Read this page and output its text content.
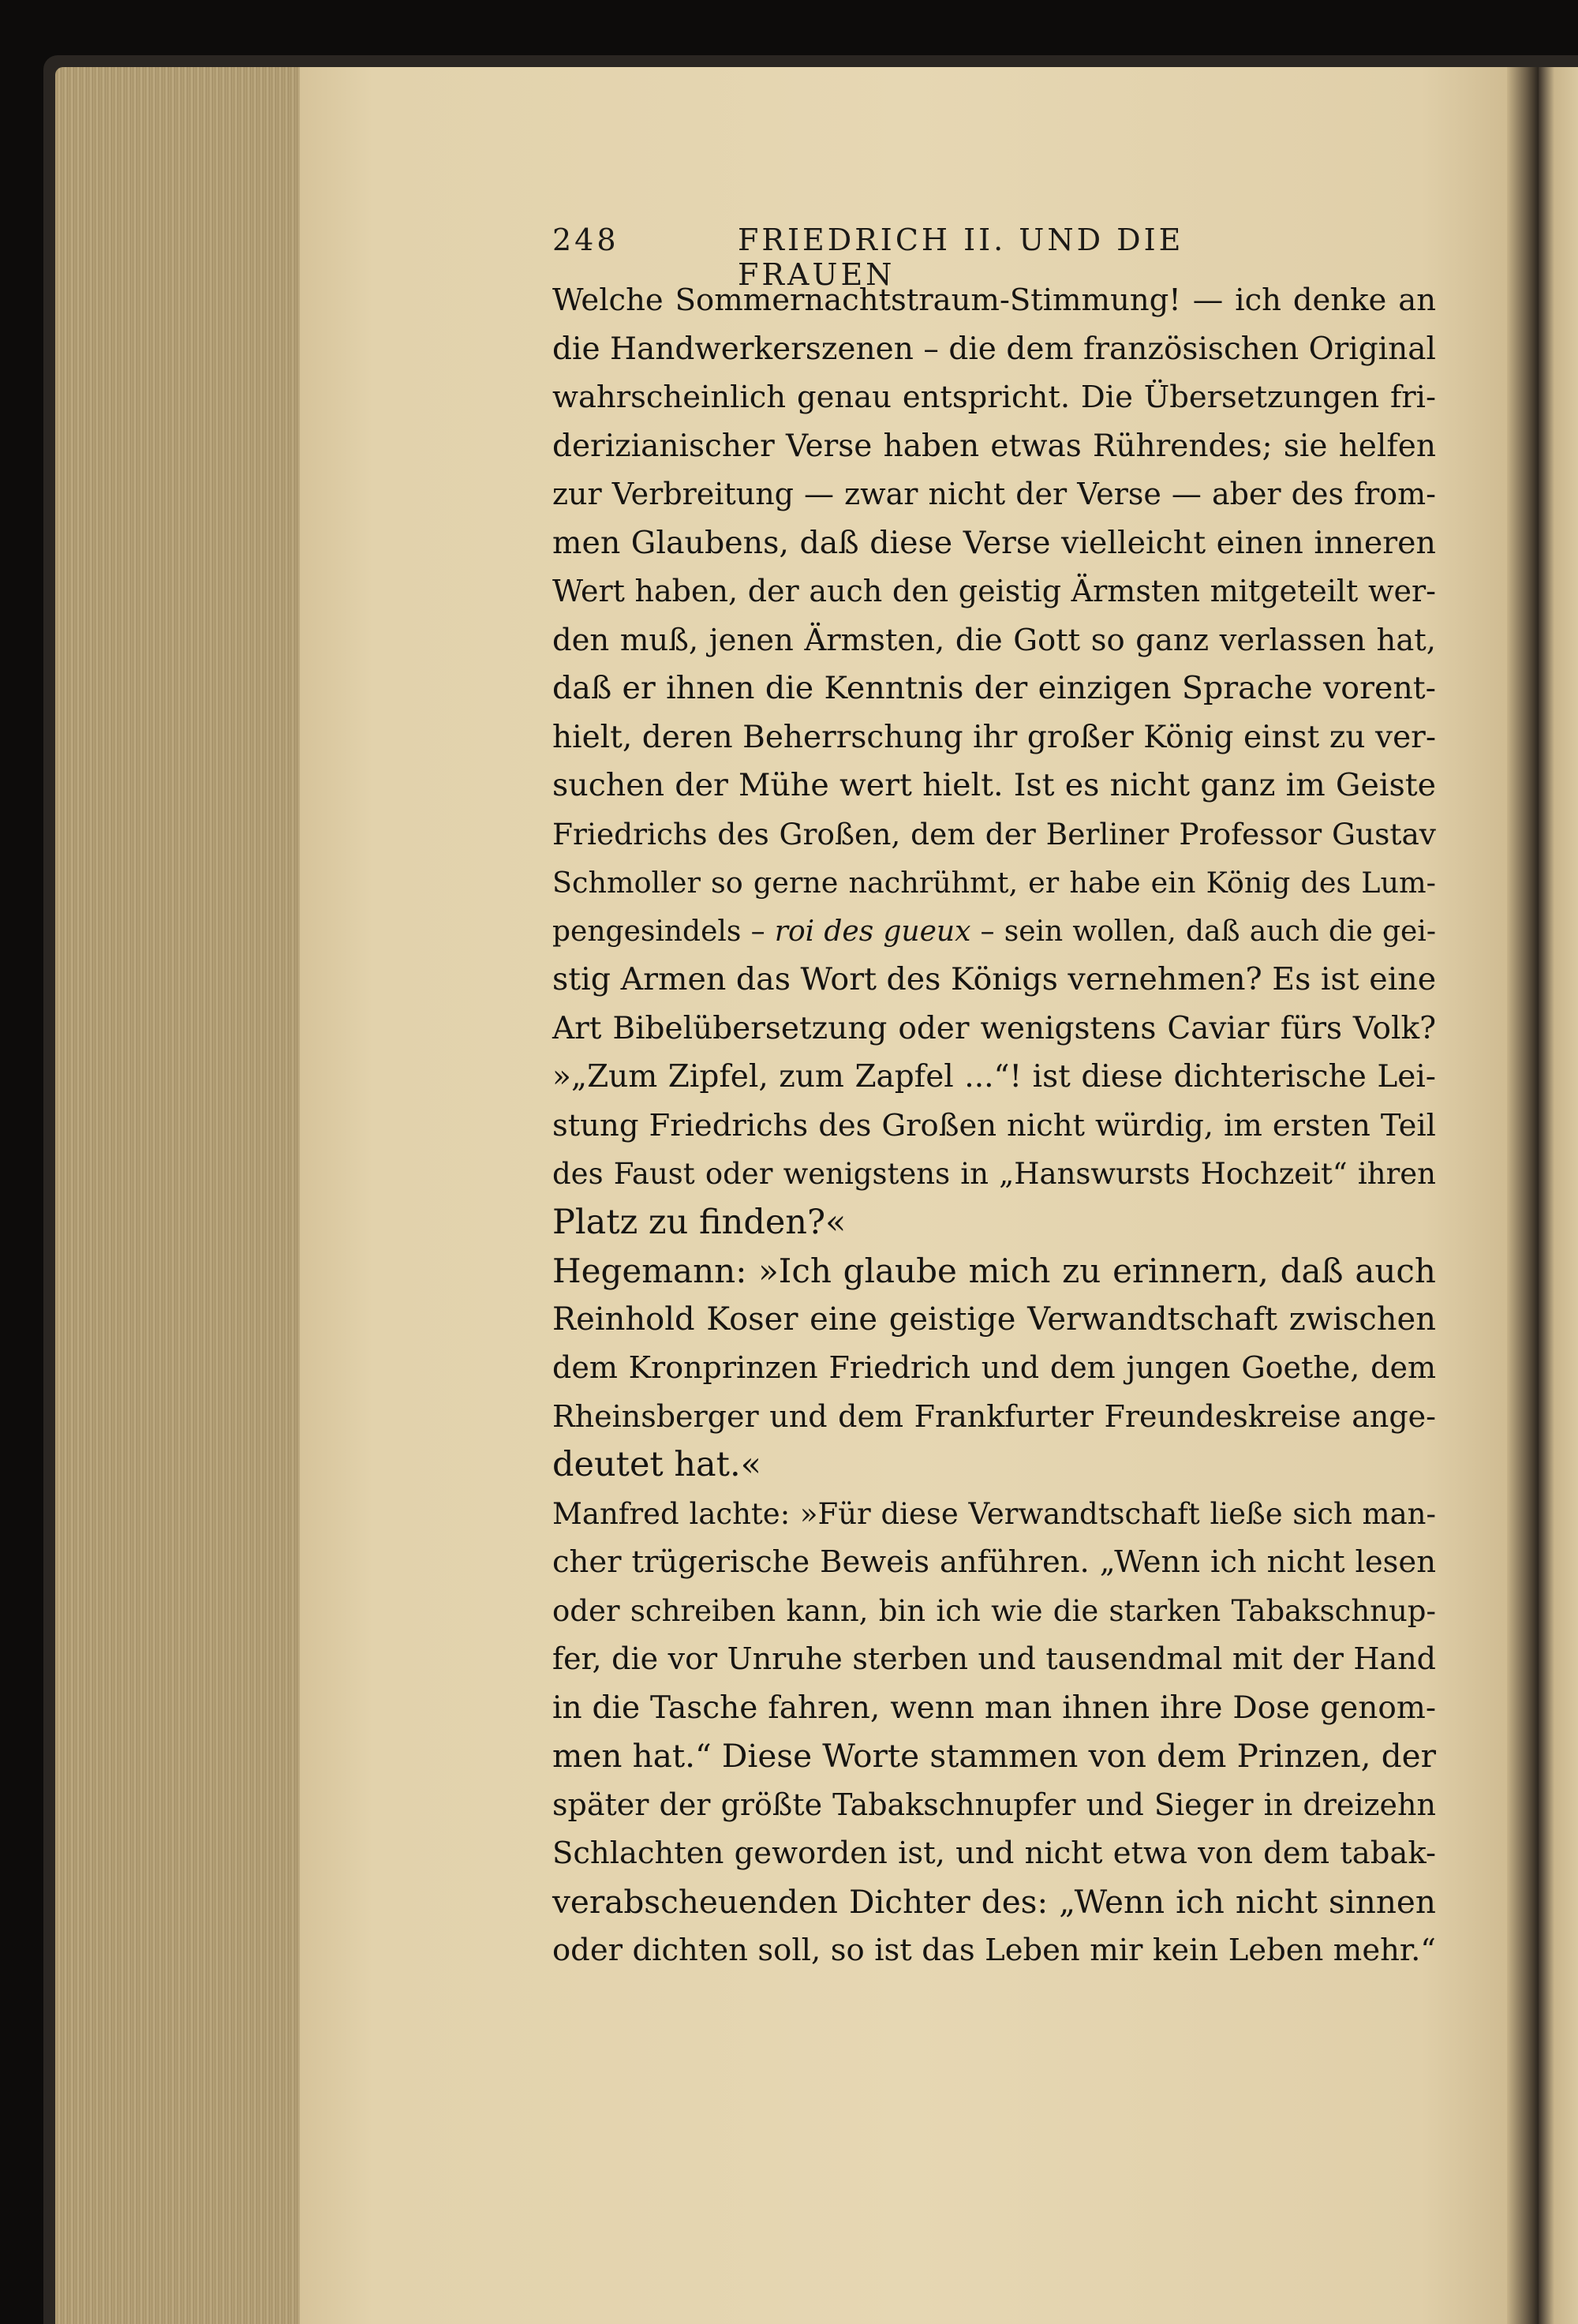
248	FRIEDRICH II. UND DIE FRAUEN
Welche Sommernachtstraum-Stimmung! — ich denke an
die Handwerkerszenen – die dem französischen Original
wahrscheinlich genau entspricht. Die Übersetzungen fri-
derizianischer Verse haben etwas Rührendes; sie helfen
zur Verbreitung — zwar nicht der Verse — aber des from-
men Glaubens, daß diese Verse vielleicht einen inneren
Wert haben, der auch den geistig Ärmsten mitgeteilt wer-
den muß, jenen Ärmsten, die Gott so ganz verlassen hat,
daß er ihnen die Kenntnis der einzigen Sprache vorent-
hielt, deren Beherrschung ihr großer König einst zu ver-
suchen der Mühe wert hielt. Ist es nicht ganz im Geiste
Friedrichs des Großen, dem der Berliner Professor Gustav
Schmoller so gerne nachrühmt, er habe ein König des Lum-
pengesindels – roi des gueux – sein wollen, daß auch die gei-
stig Armen das Wort des Königs vernehmen? Es ist eine
Art Bibelübersetzung oder wenigstens Caviar fürs Volk?
»„Zum Zipfel, zum Zapfel ...“! ist diese dichterische Lei-
stung Friedrichs des Großen nicht würdig, im ersten Teil
des Faust oder wenigstens in „Hanswursts Hochzeit“ ihren
Platz zu finden?«
Hegemann: »Ich glaube mich zu erinnern, daß auch
Reinhold Koser eine geistige Verwandtschaft zwischen
dem Kronprinzen Friedrich und dem jungen Goethe, dem
Rheinsberger und dem Frankfurter Freundeskreise ange-
deutet hat.«
Manfred lachte: »Für diese Verwandtschaft ließe sich man-
cher trügerische Beweis anführen. „Wenn ich nicht lesen
oder schreiben kann, bin ich wie die starken Tabakschnup-
fer, die vor Unruhe sterben und tausendmal mit der Hand
in die Tasche fahren, wenn man ihnen ihre Dose genom-
men hat.“ Diese Worte stammen von dem Prinzen, der
später der größte Tabakschnupfer und Sieger in dreizehn
Schlachten geworden ist, und nicht etwa von dem tabak-
verabscheuenden Dichter des: „Wenn ich nicht sinnen
oder dichten soll, so ist das Leben mir kein Leben mehr.“
